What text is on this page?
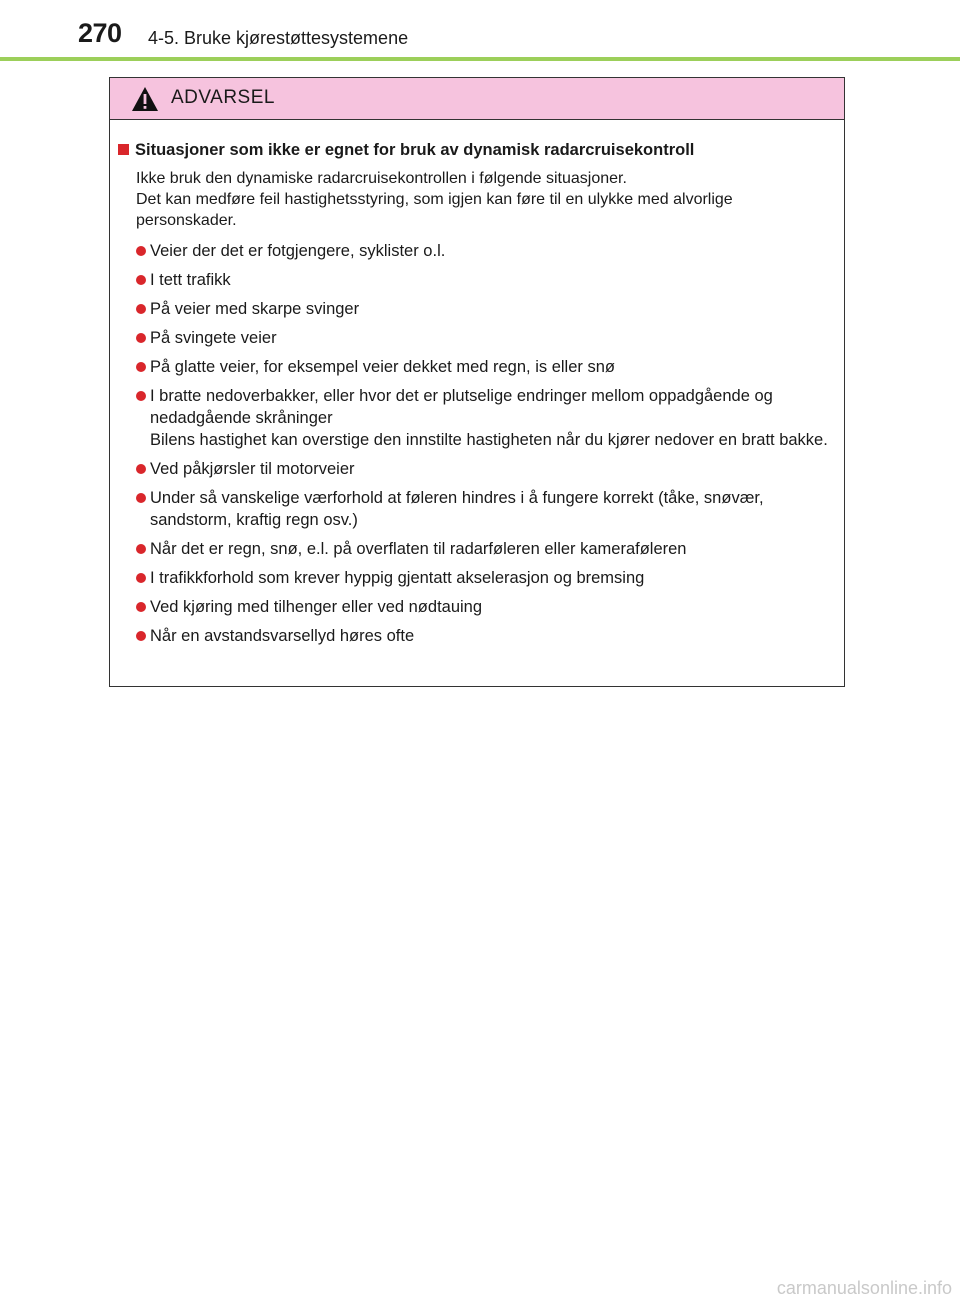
270 4-5. Bruke kjørestøttesystemene
ADVARSEL
Situasjoner som ikke er egnet for bruk av dynamisk radarcruisekontroll

Ikke bruk den dynamiske radarcruisekontrollen i følgende situasjoner.

Det kan medføre feil hastighetsstyring, som igjen kan føre til en ulykke med alvorlige personskader.

Veier der det er fotgjengere, syklister o.l.

I tett trafikk

På veier med skarpe svinger

På svingete veier

På glatte veier, for eksempel veier dekket med regn, is eller snø

I bratte nedoverbakker, eller hvor det er plutselige endringer mellom oppadgående og nedadgående skråninger

Bilens hastighet kan overstige den innstilte hastigheten når du kjører nedover en bratt bakke.

Ved påkjørsler til motorveier

Under så vanskelige værforhold at føleren hindres i å fungere korrekt (tåke, snøvær, sandstorm, kraftig regn osv.)

Når det er regn, snø, e.l. på overflaten til radarføleren eller kameraføleren

I trafikkforhold som krever hyppig gjentatt akselerasjon og bremsing

Ved kjøring med tilhenger eller ved nødtauing

Når en avstandsvarsellyd høres ofte

carmanualsonline.info
